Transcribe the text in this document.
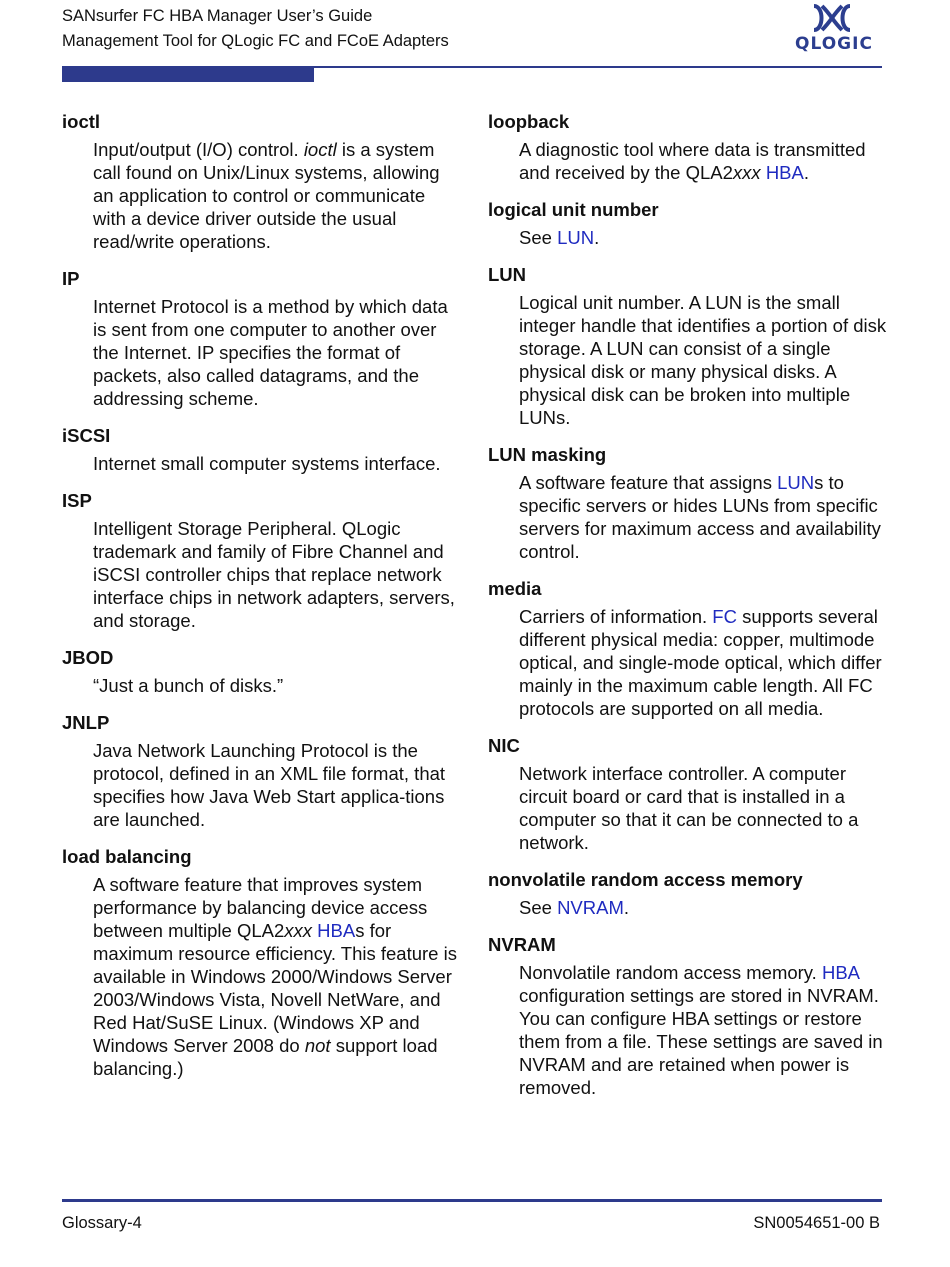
SANsurfer FC HBA Manager User’s Guide
Management Tool for QLogic FC and FCoE Adapters	QLOGIC
ioctl
Input/output (I/O) control. ioctl is a system call found on Unix/Linux systems, allowing an application to control or communicate with a device driver outside the usual read/write operations.
IP
Internet Protocol is a method by which data is sent from one computer to another over the Internet. IP specifies the format of packets, also called datagrams, and the addressing scheme.
iSCSI
Internet small computer systems interface.
ISP
Intelligent Storage Peripheral. QLogic trademark and family of Fibre Channel and iSCSI controller chips that replace network interface chips in network adapters, servers, and storage.
JBOD
“Just a bunch of disks.”
JNLP
Java Network Launching Protocol is the protocol, defined in an XML file format, that specifies how Java Web Start applica-tions are launched.
load balancing
A software feature that improves system performance by balancing device access between multiple QLA2xxx HBAs for maximum resource efficiency. This feature is available in Windows 2000/Windows Server 2003/Windows Vista, Novell NetWare, and Red Hat/SuSE Linux. (Windows XP and Windows Server 2008 do not support load balancing.)
loopback
A diagnostic tool where data is transmitted and received by the QLA2xxx HBA.
logical unit number
See LUN.
LUN
Logical unit number. A LUN is the small integer handle that identifies a portion of disk storage. A LUN can consist of a single physical disk or many physical disks. A physical disk can be broken into multiple LUNs.
LUN masking
A software feature that assigns LUNs to specific servers or hides LUNs from specific servers for maximum access and availability control.
media
Carriers of information. FC supports several different physical media: copper, multimode optical, and single-mode optical, which differ mainly in the maximum cable length. All FC protocols are supported on all media.
NIC
Network interface controller. A computer circuit board or card that is installed in a computer so that it can be connected to a network.
nonvolatile random access memory
See NVRAM.
NVRAM
Nonvolatile random access memory. HBA configuration settings are stored in NVRAM. You can configure HBA settings or restore them from a file. These settings are saved in NVRAM and are retained when power is removed.
Glossary-4	SN0054651-00 B
